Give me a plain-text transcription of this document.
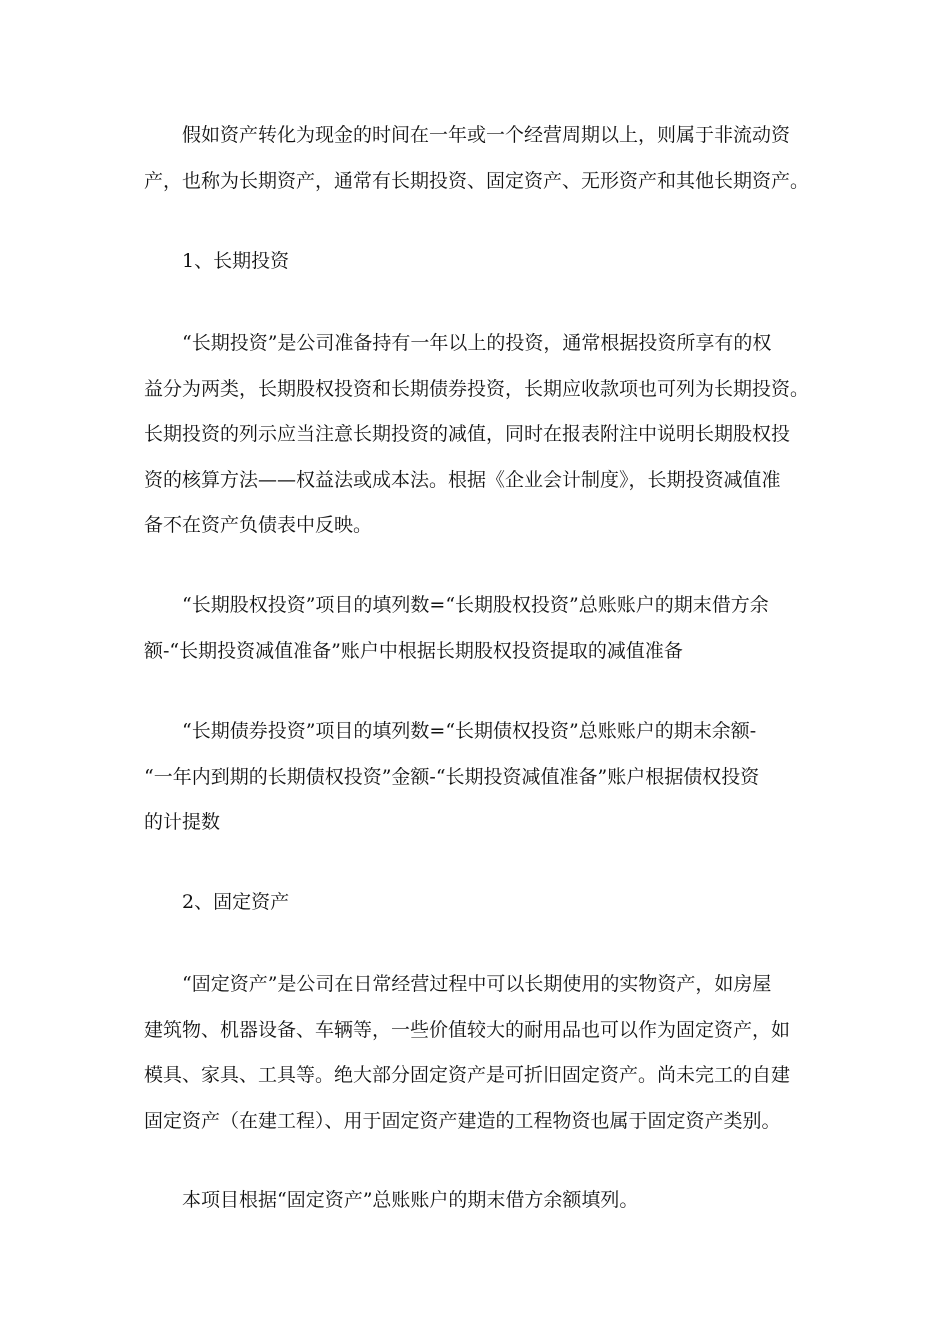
假如资产转化为现金的时间在一年或一个经营周期以上，则属于非流动资
产，也称为长期资产，通常有长期投资、固定资产、无形资产和其他长期资产。
1、长期投资
“长期投资”是公司准备持有一年以上的投资，通常根据投资所享有的权
益分为两类，长期股权投资和长期债券投资，长期应收款项也可列为长期投资。
长期投资的列示应当注意长期投资的减值，同时在报表附注中说明长期股权投
资的核算方法——权益法或成本法。根据《企业会计制度》，长期投资减值准
备不在资产负债表中反映。
“长期股权投资”项目的填列数=“长期股权投资”总账账户的期末借方余
额-“长期投资减值准备”账户中根据长期股权投资提取的减值准备
“长期债券投资”项目的填列数=“长期债权投资”总账账户的期末余额-
“一年内到期的长期债权投资”金额-“长期投资减值准备”账户根据债权投资
的计提数
2、固定资产
“固定资产”是公司在日常经营过程中可以长期使用的实物资产，如房屋
建筑物、机器设备、车辆等，一些价值较大的耐用品也可以作为固定资产，如
模具、家具、工具等。绝大部分固定资产是可折旧固定资产。尚未完工的自建
固定资产（在建工程）、用于固定资产建造的工程物资也属于固定资产类别。
本项目根据“固定资产”总账账户的期末借方余额填列。
